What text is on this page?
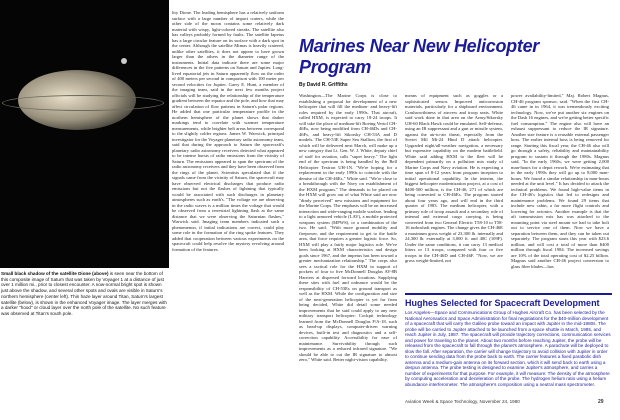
Small black shadow of the satellite Dione (above) is seen near the bottom of this composite image of Saturn that was taken by Voyager 1 at a distance of just over 1 million mi., prior to closest encounter. A now-normal bright spot is shown just above the shadow, and several other spots and ovals are visible in Saturn's northern hemisphere (center left). Thin haze layer around Titan, Saturn's largest satellite (below), is shown in the enhanced Voyager image. The layer merges with a darker "hood" or cloud layer over the north pole of the satellite. No such feature was observed at Titan's south pole.

lity Dione. The leading hemisphere has a relatively uniform surface with a large number of impact craters, while the other side of the moon contains some relatively dark material with wispy, light-colored streaks. The satellite also has valleys probably formed by faults. The satellite Iapetus has a large circular feature on its surface with a dark spot in the center. Although the satellite Mimas is heavily cratered, unlike other satellites, it does not appear to have grown larger than the others in the diameter range of the instruments. Initial data indicate there are some major differences in the five patterns on Saturn and Jupiter. Long-lived equatorial jets in Saturn apparently flow on the order of 400 meters per second in comparison with 100 meter per second velocities for Jupiter. Garry E. Hunt, a member of the imaging team, said in the next few months project officials will be studying the relationship of the temperature gradient between the equator and the pole, and how that may affect circulation of flow patterns in Saturn's polar regions. He added that one particular temperature profile in the northern hemisphere of the planet shows that darker markings tend to correlate with warmer temperature measurements, while brighter belt areas between correspond to the slightly colder regions. James W. Warwick, principal investigator for the Voyager planetary radio astronomy team, said that during the approach to Saturn the spacecraft's planetary radio astronomy receivers detected what appeared to be intense bursts of radio emissions from the vicinity of Saturn. The emissions appeared to span the spectrum of the radio astronomy receivers and they have been observed from the rings of the planet. Scientists speculated that if the signals came from the vicinity of Saturn, the spacecraft may have observed electrical discharges that produce radio emissions but not the flashes of lightning that typically would be associated with such discharges in planetary atmospheres such as earth's. "The voltage we are observing in the radio waves is a million times the voltage that would be observed from a terrestrial lightning flash at the same distance that we were observing the Saturnian flashes," Warwick said. Imaging team members indicated such a phenomenon, if initial indications are correct, could play some role in the formation of the ring spoke features. They added that cooperation between various experiments on the spacecraft could help resolve the mystery revolving around formation of the features.

Marines Near New Helicopter Program
By David R. Griffiths

Washington—The Marine Corps is close to establishing a proposal for development of a new helicopter that will fill the medium- and heavy-lift roles required by the early 1990s. That aircraft, called HXM, is expected to carry 18-24 troops. It will take the place of medium-lift Boeing Vertol CH-46Es, now being modified from CH-46Ds and CH-46Fs, and heavy-lift Sikorsky CH-53A and D models. The CH-53E Super Sea Stallion, the first of which will be delivered next March, will make up a new category that Lt. Gen. W. J. White, deputy chief of staff for aviation, calls "super heavy." The light end of the spectrum is being handled by the Bell Helicopter Textron UH-1N. "We're hoping for a replacement in the early 1990s to coincide with the demise of the CH-46Es," White said. "We're close to a breakthrough with the Navy on establishment of the HXM program." The demands to be placed on the HXM will grow out of what White said are now "dimly perceived" new missions and equipment for the Marine Corps. The emphasis will be on increased interaction and wide-ranging mobile warfare, leading to a light armored vehicle (LAV), a mobile protected weapons system (MPWS), or a combination of the two. He said, "With more ground mobility and firepower, and the requirement to get to the battle area, that force requires a greater logistic force. So, HXM will play a fairly major logistics role. We've been looking at HXM characteristics and design goals since 1967, and the impetus has been toward a greater mechanization relationship." The corps also sees a tactical role for the HXM in support of pockets of four to five McDonnell Douglas AV-8B Harriers at dispersed forward locations. Supplying these sites with fuel and ordnance would be the responsibility of CH-53Es on ground transport as well as the HXM. While the configuration and size of the next-generation helicopter is yet far from being decided, White did detail some needed improvements that he said could apply to any new military transport helicopter: Cockpit technology learned from the McDonnell Douglas F/A-18, such as head-up displays, computer-driven warning devices, built-in test and diagnostics and a self-correction capability. Accessibility for ease of maintenance. Survivability through such improvements as a reduced infrared signature. "We should be able to cut the IR signature to almost zero," White said. Better night-vision capability.

means of equipment such as goggles or a sophisticated sensor. Improved anticorrosion materials, particularly for a shipboard environment. Crashworthiness of aircrew and troop seats. White said work done in that area on the Army/Sikorsky UH-60 Black Hawk could be emulated. Self-defense, using an IR suppressant and a gun or missile system, against the air-to-air threat, especially from the Soviet Mil Mi-24 Hind D attack helicopter. Upgraded night/all-weather navigation, a necessary but expensive capability on the modern battlefield. White said adding HXM to the fleet will be dependent primarily on a pollution mix study of Marine Corps and Navy aviation. He is expecting a time span of 8-12 years from program inception to initial operational capability. In the interim, the biggest helicopter modernization project, at a cost of $400-500 million, is the CH-46, 271 of which are being converted to CH-46Es. The program started about four years ago, and will end in the third quarter of 1983. The medium helicopter, with a primary role of troop assault and a secondary role of internal and external cargo carrying, is being converted from two General Electric T58-10 to T58-16 turboshaft engines. The change gives the CH-46E a maximum gross weight of 23,300 lb. internally and 24,300 lb. externally at 3,000 ft. and 40C (109F). Under the same conditions, it can carry 13 medical litters or 13 troops, compared with four or five troops in the CH-46D and CH-46F. "Now, we are gross weight-limited, not

power availability-limited," Maj. Robert Magnus, CH-46 program sponsor, said. "When the first CH-46 came in in 1964, it was tremendously exciting technology. Now, we've put another six engines on the Dash 16 engines, and we're getting better specific fuel consumption." The engine also will have an exhaust suppressant to reduce the IR signature. Another size feature is a reusable external passenger boss. The earlier internal boss is being removed for range. Starting this fiscal year, the CH-46 also will go through a safety, reliability and maintainability program to sustain it through the 1980s. Magnus said, "In the early 1960s, we were getting 2,000 man-hours for a depot rework. We're estimating that in the early 1990s they will go up to 8,000 man-hours. We found a similar relationship in man-hours needed at the unit level." It has decided to attack the technical problems. We found high-value items in the CH-46's logistics that led to redesigns and maintenance problems. We found 29 items that include new cabin, a far more flight controls and lowering for avionics. Another example is that the aft transmission mix has was attached to the mounting point via steel mount we had to take bolt out to service one of them. Now we have a separation between them, and they can be taken out separately. The program starts this year with $23.6 million, and will cost a total of more than $400 million through fiscal 1984. The increased savings are 10% of the total operating cost of $2.25 billion. Magnus said another CH-46 project conversion to glass fiber blades—has

Hughes Selected for Spacecraft Development
Los Angeles—Space and Communications Group of Hughes Aircraft Co. has been selected by the National Aeronautics and Space Administration for final negotiations for the $40-million development of a spacecraft that will carry the Galileo probe toward an impact with Jupiter in the mid-1980s. The probe will be carried to Jupiter attached to be launched from a space shuttle in March, 1985, and reach Jupiter in July, 1987. The spacecraft will provide trajectory corrections, communication services and power for traveling to the planet. About two months before reaching Jupiter, the probe will be released from the spacecraft to fall through the planet's atmosphere. A parachute will be deployed to slow the fall. After separation, the carrier will change trajectory to avoid collision with Jupiter in order to continue sending data from the probe back to earth. The carrier features a fixed parabolic dish antenna and a medium-gain antenna on its forward section, which it will send back to earth using a despun antenna. The probe testing is designed to examine Jupiter's atmosphere, and carries a number of experiments for that purpose. For example, it will measure: The density of the atmosphere by computing acceleration and deceleration of the probe. The hydrogen helium ratio using a helium abundance interferometer. The atmosphere's composition using a neutral mass spectrometer.
Aviation Week & Space Technology, November 24, 1980	29
